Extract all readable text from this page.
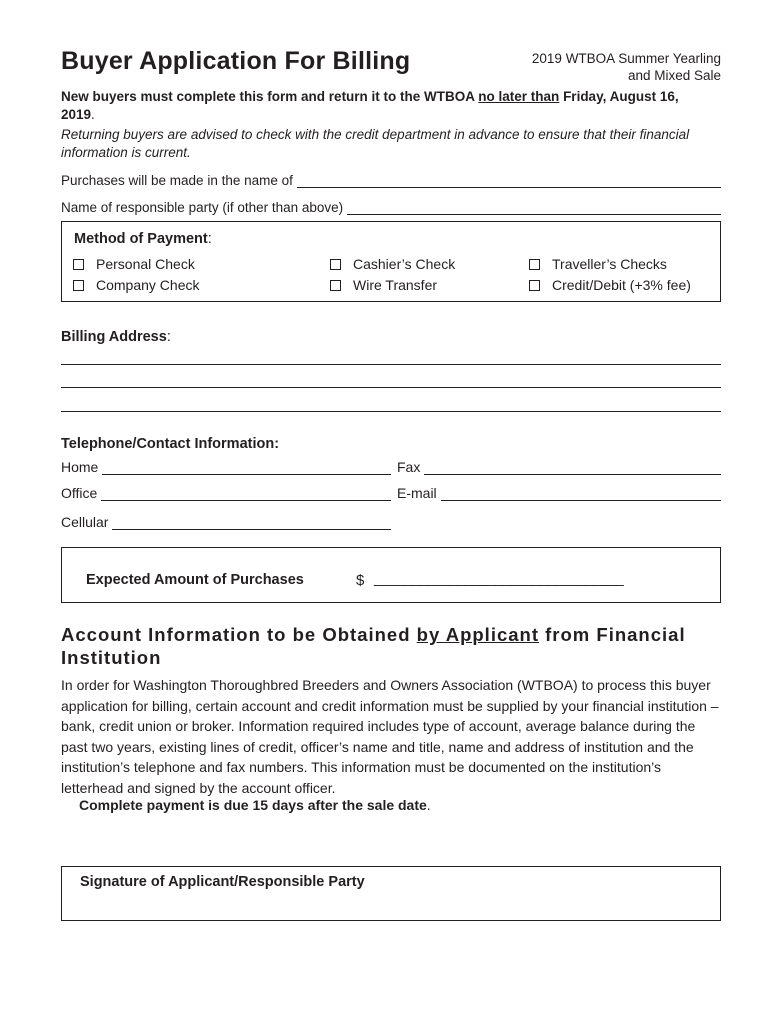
Buyer Application For Billing	2019 WTBOA Summer Yearling
and Mixed Sale
New buyers must complete this form and return it to the WTBOA no later than Friday, August 16, 2019.
Returning buyers are advised to check with the credit department in advance to ensure that their financial information is current.
Purchases will be made in the name of
Name of responsible party (if other than above)
Method of Payment:
Personal Check	Cashier’s Check	Traveller’s Checks
Company Check	Wire Transfer	Credit/Debit (+3% fee)
Billing Address:
Telephone/Contact Information:
Home	Fax
Office	E-mail
Cellular
Expected Amount of Purchases	$ _________________________________
Account Information to be Obtained by Applicant from Financial Institution
In order for Washington Thoroughbred Breeders and Owners Association (WTBOA) to process this buyer application for billing, certain account and credit information must be supplied by your financial institution – bank, credit union or broker. Information required includes type of account, average balance during the past two years, existing lines of credit, officer’s name and title, name and address of institution and the institution’s telephone and fax numbers. This information must be documented on the institution’s letterhead and signed by the account officer.
Complete payment is due 15 days after the sale date.
Signature of Applicant/Responsible Party
